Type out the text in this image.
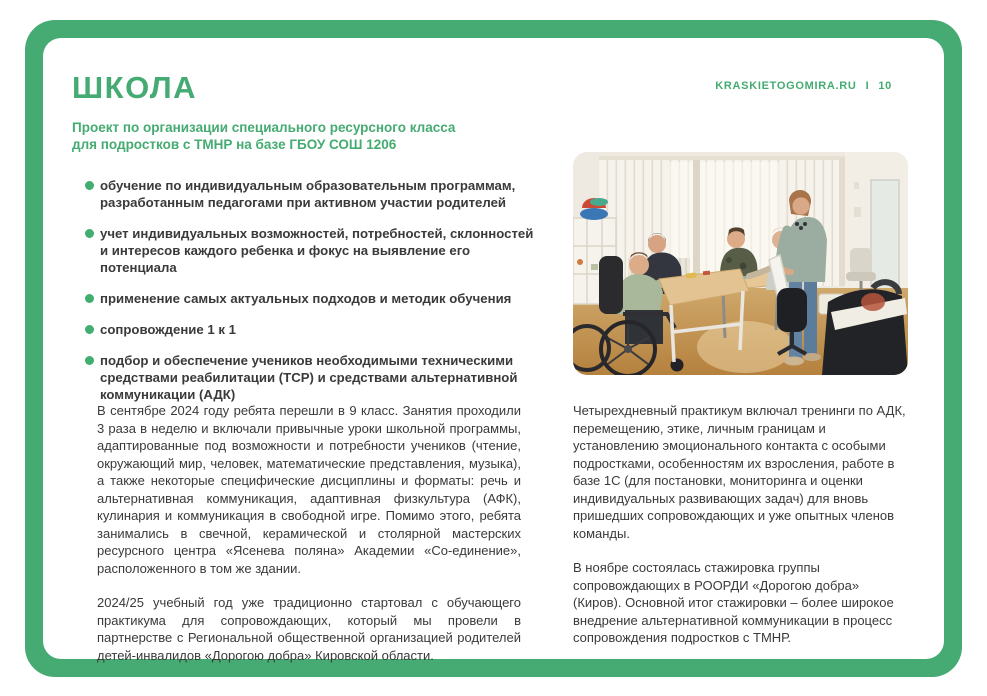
ШКОЛА	KRASKIETOGOMIRA.RU I 10
Проект по организации специального ресурсного класса
для подростков с ТМНР на базе ГБОУ СОШ 1206
обучение по индивидуальным образовательным программам, разработанным педагогами при активном участии родителей
учет индивидуальных возможностей, потребностей, склонностей и интересов каждого ребенка и фокус на выявление его потенциала
применение самых актуальных подходов и методик обучения
сопровождение 1 к 1
подбор и обеспечение учеников необходимыми техническими средствами реабилитации (ТСР) и средствами альтернативной коммуникации (АДК)

В сентябре 2024 году ребята перешли в 9 класс. Занятия проходили 3 раза в неделю и включали привычные уроки школьной программы, адаптированные под возможности и потребности учеников (чтение, окружающий мир, человек, математические представления, музыка), а также некоторые специфические дисциплины и форматы: речь и альтернативная коммуникация, адаптивная физкультура (АФК), кулинария и коммуникация в свободной игре. Помимо этого, ребята занимались в свечной, керамической и столярной мастерских ресурсного центра «Ясенева поляна» Академии «Со-единение», расположенного в том же здании.

2024/25 учебный год уже традиционно стартовал с обучающего практикума для сопровождающих, который мы провели в партнерстве с Региональной общественной организацией родителей детей-инвалидов «Дорогою добра» Кировской области.

Четырехдневный практикум включал тренинги по АДК, перемещению, этике, личным границам и установлению эмоционального контакта с особыми подростками, особенностям их взросления, работе в базе 1С (для постановки, мониторинга и оценки индивидуальных развивающих задач) для вновь пришедших сопровождающих и уже опытных членов команды.

В ноябре состоялась стажировка группы сопровождающих в РООРДИ «Дорогою добра» (Киров). Основной итог стажировки – более широкое внедрение альтернативной коммуникации в процесс сопровождения подростков с ТМНР.
